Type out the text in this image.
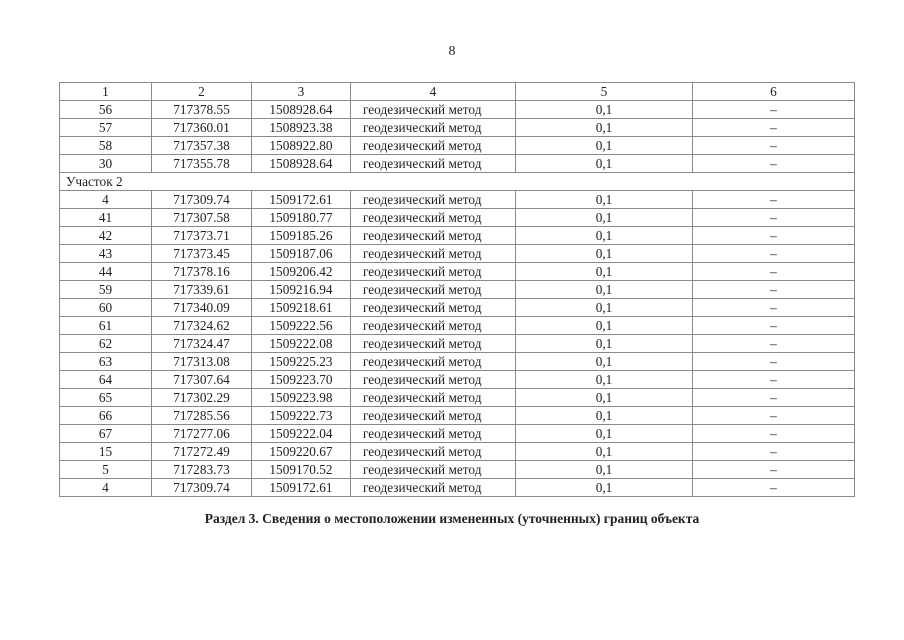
8
1	2	3	4	5	6
56	717378.55	1508928.64	геодезический метод	0,1	–
57	717360.01	1508923.38	геодезический метод	0,1	–
58	717357.38	1508922.80	геодезический метод	0,1	–
30	717355.78	1508928.64	геодезический метод	0,1	–
Участок 2					
4	717309.74	1509172.61	геодезический метод	0,1	–
41	717307.58	1509180.77	геодезический метод	0,1	–
42	717373.71	1509185.26	геодезический метод	0,1	–
43	717373.45	1509187.06	геодезический метод	0,1	–
44	717378.16	1509206.42	геодезический метод	0,1	–
59	717339.61	1509216.94	геодезический метод	0,1	–
60	717340.09	1509218.61	геодезический метод	0,1	–
61	717324.62	1509222.56	геодезический метод	0,1	–
62	717324.47	1509222.08	геодезический метод	0,1	–
63	717313.08	1509225.23	геодезический метод	0,1	–
64	717307.64	1509223.70	геодезический метод	0,1	–
65	717302.29	1509223.98	геодезический метод	0,1	–
66	717285.56	1509222.73	геодезический метод	0,1	–
67	717277.06	1509222.04	геодезический метод	0,1	–
15	717272.49	1509220.67	геодезический метод	0,1	–
5	717283.73	1509170.52	геодезический метод	0,1	–
4	717309.74	1509172.61	геодезический метод	0,1	–
Раздел 3. Сведения о местоположении измененных (уточненных) границ объекта
